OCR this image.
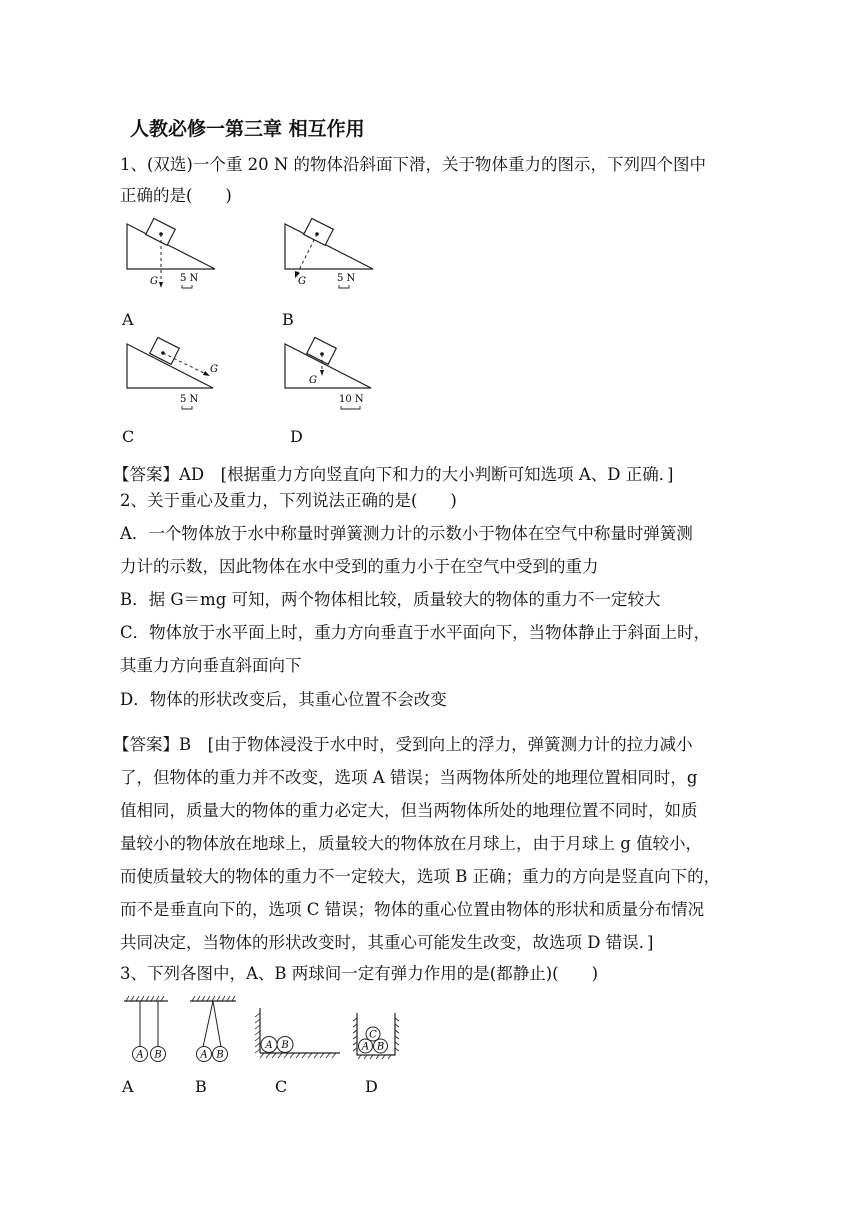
人教必修一第三章 相互作用
1、(双选)一个重 20 N 的物体沿斜面下滑，关于物体重力的图示，下列四个图中
正确的是(　　)
G 5 N
A
G	5 N
B
G
5 N
C
G
10 N
D
【答案】AD　[根据重力方向竖直向下和力的大小判断可知选项 A、D 正确．]
2、关于重心及重力，下列说法正确的是(　　)
A．一个物体放于水中称量时弹簧测力计的示数小于物体在空气中称量时弹簧测
力计的示数，因此物体在水中受到的重力小于在空气中受到的重力
B．据 G＝mg 可知，两个物体相比较，质量较大的物体的重力不一定较大
C．物体放于水平面上时，重力方向垂直于水平面向下，当物体静止于斜面上时，
其重力方向垂直斜面向下
D．物体的形状改变后，其重心位置不会改变
【答案】B　[由于物体浸没于水中时，受到向上的浮力，弹簧测力计的拉力减小
了，但物体的重力并不改变，选项 A 错误；当两物体所处的地理位置相同时，g
值相同，质量大的物体的重力必定大，但当两物体所处的地理位置不同时，如质
量较小的物体放在地球上，质量较大的物体放在月球上，由于月球上 g 值较小，
而使质量较大的物体的重力不一定较大，选项 B 正确；重力的方向是竖直向下的，
而不是垂直向下的，选项 C 错误；物体的重心位置由物体的形状和质量分布情况
共同决定，当物体的形状改变时，其重心可能发生改变，故选项 D 错误．]
3、下列各图中，A、B 两球间一定有弹力作用的是(都静止)(　　)
A B
A
A B
B
A B
C
A B
C
D
